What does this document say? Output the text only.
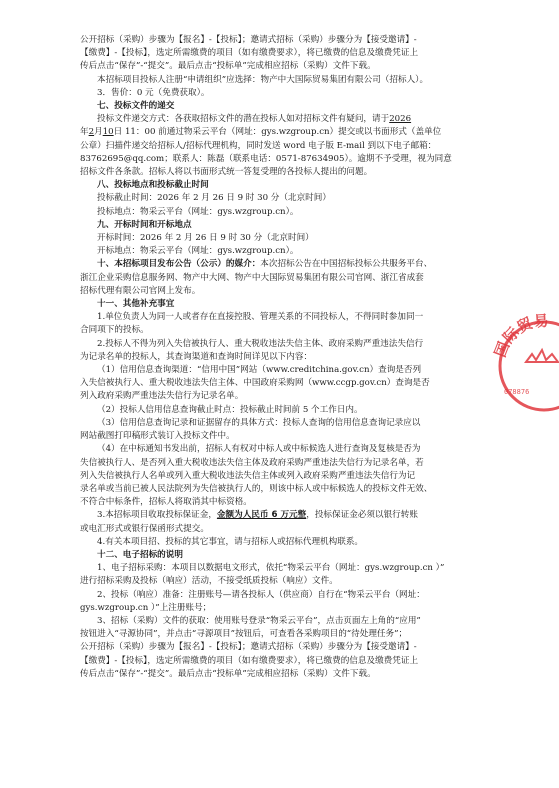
公开招标（采购）步骤为【报名】-【投标】；邀请式招标（采购）步骤分为【接受邀请】-

【缴费】-【投标】，选定所需缴费的项目（如有缴费要求），将已缴费的信息及缴费凭证上

传后点击“保存”-“提交”。最后点击“投标单”完成相应招标（采购）文件下载。

本招标项目投标人注册“申请组织”应选择：物产中大国际贸易集团有限公司（招标人）。

3．售价：0 元（免费获取）。

七、投标文件的递交

投标文件递交方式：各获取招标文件的潜在投标人如对招标文件有疑问，请于2026

年2月10日 11：00 前通过物采云平台（网址：gys.wzgroup.cn）提交或以书面形式（盖单位

公章）扫描件递交给招标人/招标代理机构，同时发送 word 电子版 E-mail 到以下电子邮箱：

83762695@qq.com；联系人：陈磊（联系电话：0571-87634905）。逾期不予受理，视为同意

招标文件各条款。招标人将以书面形式统一答复受理的各投标人提出的问题。

八、投标地点和投标截止时间

投标截止时间：2026 年 2 月 26 日 9 时 30 分（北京时间）

投标地点：物采云平台（网址：gys.wzgroup.cn）。

九、开标时间和开标地点

开标时间：2026 年 2 月 26 日 9 时 30 分（北京时间）

开标地点：物采云平台（网址：gys.wzgroup.cn）。

十、本招标项目发布公告（公示）的媒介：本次招标公告在中国招标投标公共服务平台、

浙江企业采购信息服务网、物产中大网、物产中大国际贸易集团有限公司官网、浙江省成套

招标代理有限公司官网上发布。

十一、其他补充事宜

1.单位负责人为同一人或者存在直接控股、管理关系的不同投标人，不得同时参加同一

合同项下的投标。

2.投标人不得为列入失信被执行人、重大税收违法失信主体、政府采购严重违法失信行

为记录名单的投标人，其查询渠道和查询时间详见以下内容：

（1）信用信息查询渠道：“信用中国”网站（www.creditchina.gov.cn）查询是否列

入失信被执行人、重大税收违法失信主体、中国政府采购网（www.ccgp.gov.cn）查询是否

列入政府采购严重违法失信行为记录名单。

（2）投标人信用信息查询截止时点：投标截止时间前 5 个工作日内。

（3）信用信息查询记录和证据留存的具体方式：投标人查询的信用信息查询记录应以

网站截图打印稿形式装订入投标文件中。

（4）在中标通知书发出前，招标人有权对中标人或中标候选人进行查询及复核是否为

失信被执行人、是否列入重大税收违法失信主体及政府采购严重违法失信行为记录名单，若

列入失信被执行人名单或列入重大税收违法失信主体或列入政府采购严重违法失信行为记

录名单或当前已被人民法院列为失信被执行人的，则该中标人或中标候选人的投标文件无效、

不符合中标条件，招标人将取消其中标资格。

3.本招标项目收取投标保证金，金额为人民币 6 万元整，投标保证金必须以银行转账

或电汇形式或银行保函形式提交。

4.有关本项目招、投标的其它事宜，请与招标人或招标代理机构联系。

十二、电子招标的说明

1、电子招标采购：本项目以数据电文形式，依托“物采云平台（网址：gys.wzgroup.cn ）”

进行招标采购及投标（响应）活动，不接受纸质投标（响应）文件。

2、投标（响应）准备：注册账号—请各投标人（供应商）自行在“物采云平台（网址：

gys.wzgroup.cn ）”上注册账号；

3、招标（采购）文件的获取：使用账号登录“物采云平台”，点击页面左上角的“应用”

按钮进入“寻源协同”，并点击“寻源项目”按钮后，可查看各采购项目的“待处理任务”；

公开招标（采购）步骤为【报名】-【投标】；邀请式招标（采购）步骤分为【接受邀请】-

【缴费】-【投标】，选定所需缴费的项目（如有缴费要求），将已缴费的信息及缴费凭证上

传后点击“保存”-“提交”。最后点击“投标单”完成相应招标（采购）文件下载。

国际贸易
078876
